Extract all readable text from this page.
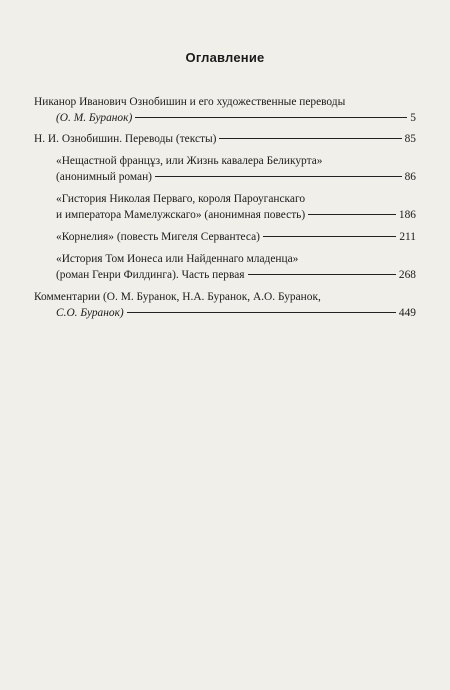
Оглавление
Никанор Иванович Ознобишин и его художественные переводы
(О. М. Буранок)	5
Н. И. Ознобишин. Переводы (тексты)	85
«Нещастной францұз, или Жизнь кавалера Беликурта»
(анонимный роман)	86
«Гистория Николая Перваго, короля Пароуганскаго
и императора Мамелужскаго» (анонимная повесть)	186
«Корнелия» (повесть Мигеля Сервантеса)	211
«История Том Ионеса или Найденнаго младенца»
(роман Генри Филдинга). Часть первая	268
Комментарии (О. М. Буранок, Н.А. Буранок, А.О. Буранок,
С.О. Буранок)	449
